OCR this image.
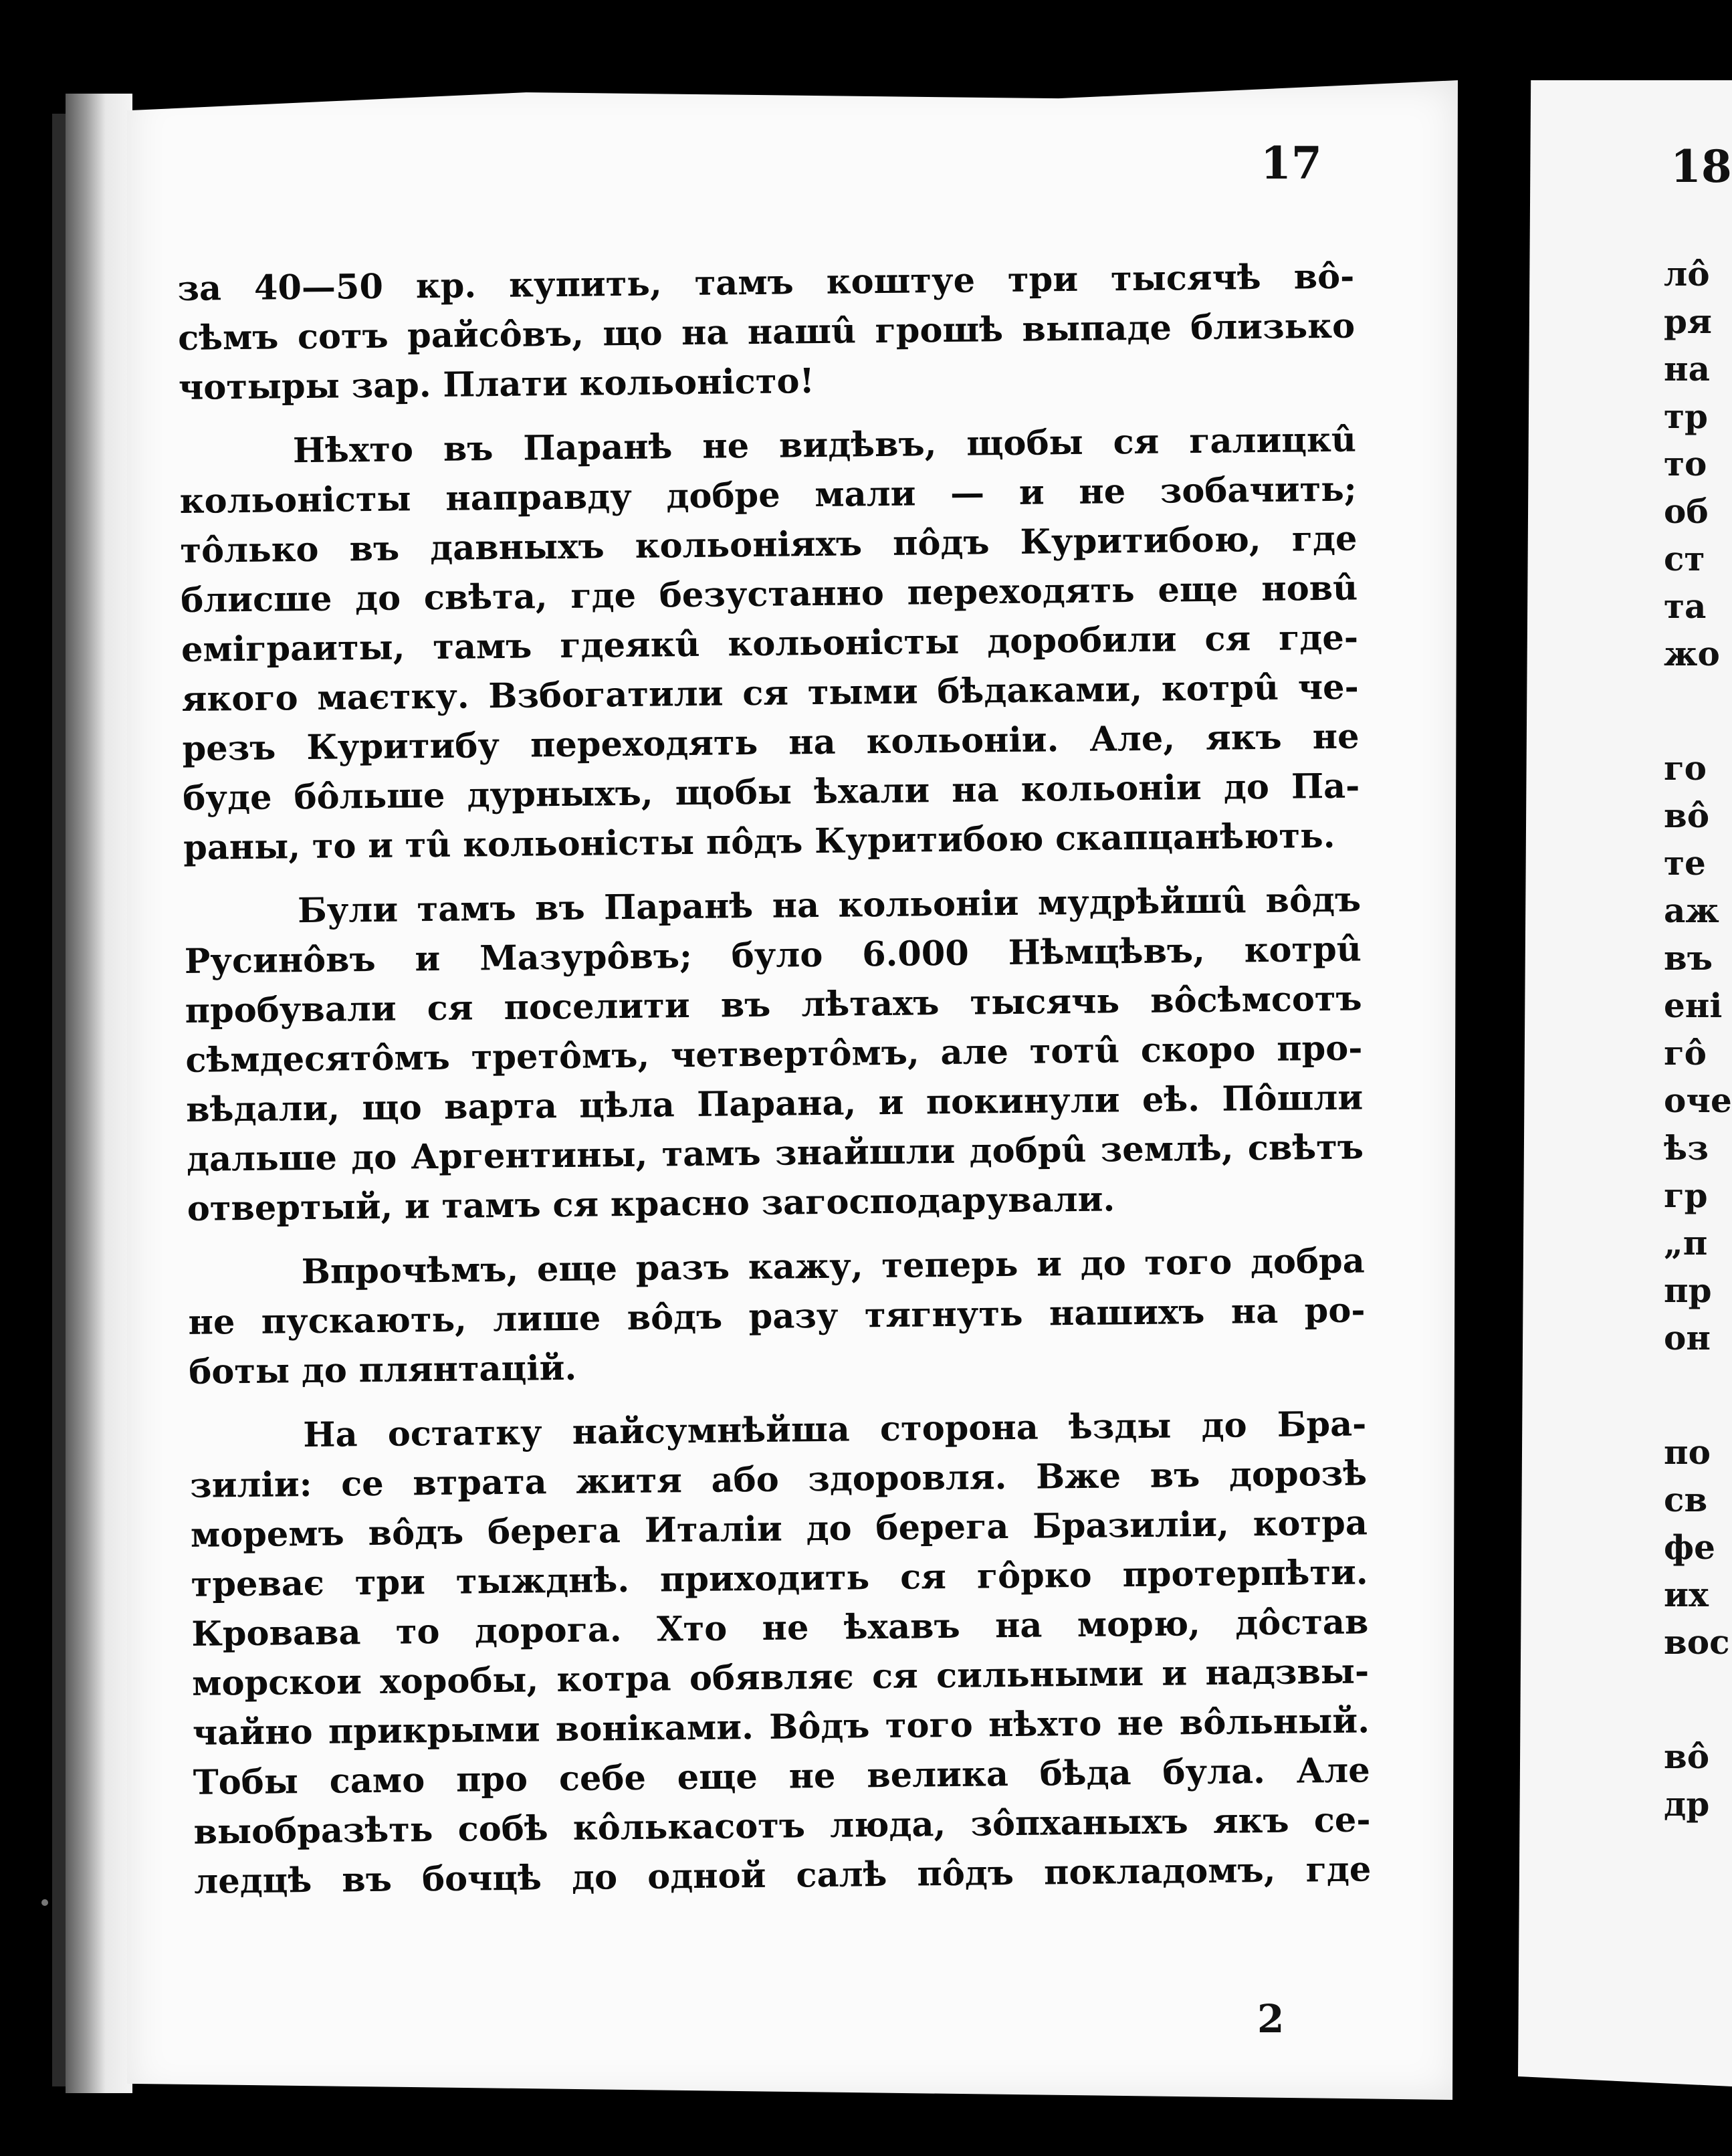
17
за 40—50 кр. купить, тамъ коштуе три тысячѣ вô-
сѣмъ сотъ райсôвъ, що на нашû грошѣ выпаде близько
чотыры зар. Плати кольоністо!
Нѣхто въ Паранѣ не видѣвъ, щобы ся галицкû
кольоністы направду добре мали — и не зобачить;
тôлько въ давныхъ кольоніяхъ пôдъ Куритибою, где
блисше до свѣта, где безустанно переходять еще новû
еміграиты, тамъ гдеякû кольоністы доробили ся где-
якого маєтку. Взбогатили ся тыми бѣдаками, котрû че-
резъ Куритибу переходять на кольоніи. Але, якъ не
буде бôльше дурныхъ, щобы ѣхали на кольоніи до Па-
раны, то и тû кольоністы пôдъ Куритибою скапцанѣють.
Були тамъ въ Паранѣ на кольоніи мудрѣйшû вôдъ
Русинôвъ и Мазурôвъ; було 6.000 Нѣмцѣвъ, котрû
пробували ся поселити въ лѣтахъ тысячь вôсѣмсотъ
сѣмдесятôмъ третôмъ, четвертôмъ, але тотû скоро про-
вѣдали, що варта цѣла Парана, и покинули еѣ. Пôшли
дальше до Аргентины, тамъ знайшли добрû землѣ, свѣтъ
отвертый, и тамъ ся красно загосподарували.
Впрочѣмъ, еще разъ кажу, теперь и до того добра
не пускають, лише вôдъ разу тягнуть нашихъ на ро-
боты до плянтацій.
На остатку найсумнѣйша сторона ѣзды до Бра-
зиліи: се втрата житя або здоровля. Вже въ дорозѣ
моремъ вôдъ берега Италіи до берега Бразиліи, котра
треває три тыжднѣ. приходить ся гôрко протерпѣти.
Кровава то дорога. Хто не ѣхавъ на морю, дôстав
морскои хоробы, котра обявляє ся сильными и надзвы-
чайно прикрыми воніками. Вôдъ того нѣхто не вôльный.
Тобы само про себе еще не велика бѣда була. Але
выобразѣть собѣ кôлькасотъ люда, зôпханыхъ якъ се-
ледцѣ въ бочцѣ до одной салѣ пôдъ покладомъ, где
2
18
лô
ря
на
тр
то
об
ст
та
жо
го
вô
те
аж
въ
ені
гô
оче
ѣз
гр
„п
пр
он
по
св
фе
их
вос
вô
др
